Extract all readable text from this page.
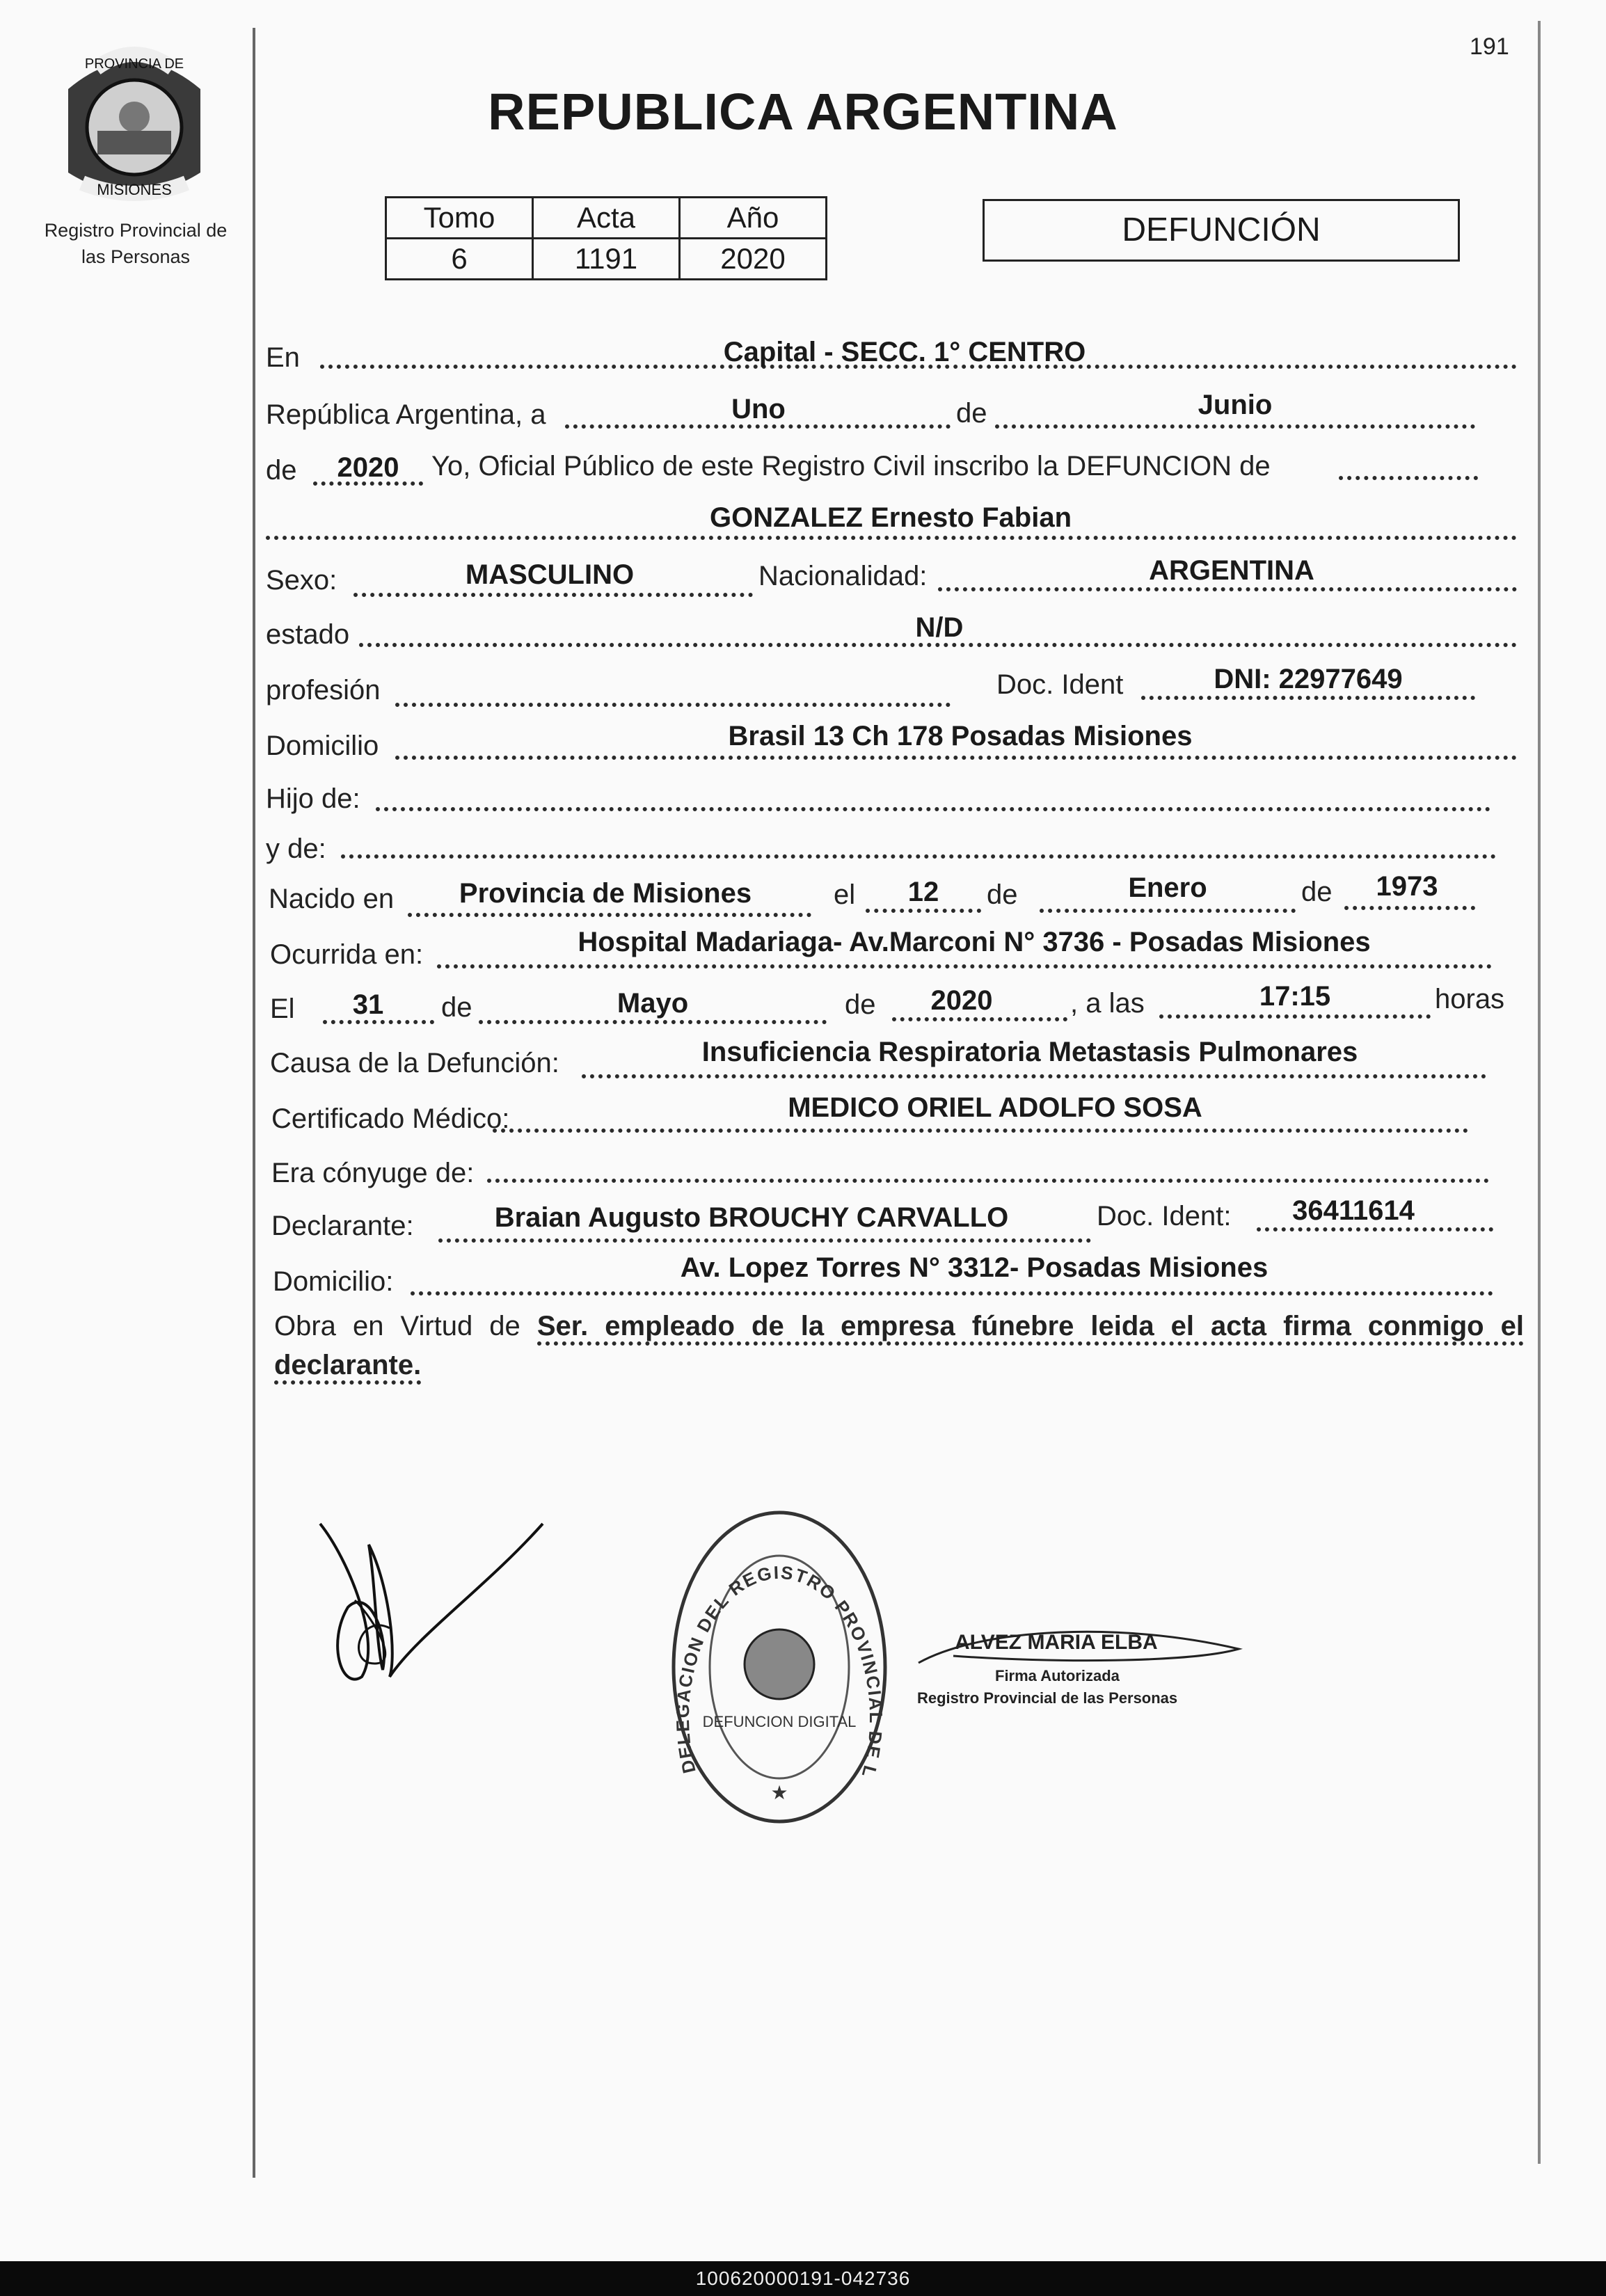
PROVINCIA DE
MISIONES
Registro Provincial de
las Personas
191
REPUBLICA ARGENTINA
Tomo	Acta	Año
6	1191	2020
DEFUNCIÓN
En	Capital - SECC. 1° CENTRO
República Argentina, a	Uno	de	Junio
de	2020	Yo, Oficial Público de este Registro Civil inscribo la DEFUNCION de
GONZALEZ Ernesto Fabian
Sexo:	MASCULINO	Nacionalidad:	ARGENTINA
estado	N/D
profesión	Doc. Ident	DNI: 22977649
Domicilio	Brasil 13 Ch 178 Posadas Misiones
Hijo de:
y de:
Nacido en	Provincia de Misiones	el	12	de	Enero	de	1973
Ocurrida en:	Hospital Madariaga- Av.Marconi N° 3736 - Posadas Misiones
El	31	de	Mayo	de	2020	, a las	17:15	horas
Causa de la Defunción:	Insuficiencia Respiratoria Metastasis Pulmonares
Certificado Médico:	MEDICO ORIEL ADOLFO SOSA
Era cónyuge de:
Declarante:	Braian Augusto BROUCHY CARVALLO	Doc. Ident:	36411614
Domicilio:	Av. Lopez Torres N° 3312- Posadas Misiones
Obra en Virtud de Ser. empleado de la empresa fúnebre leida el acta firma conmigo el declarante.
DELEGACION DEL REGISTRO PROVINCIAL DE LAS PERSONAS
DEFUNCION DIGITAL
★
ALVEZ MARIA ELBA
Firma Autorizada
Registro Provincial de las Personas
100620000191-042736
